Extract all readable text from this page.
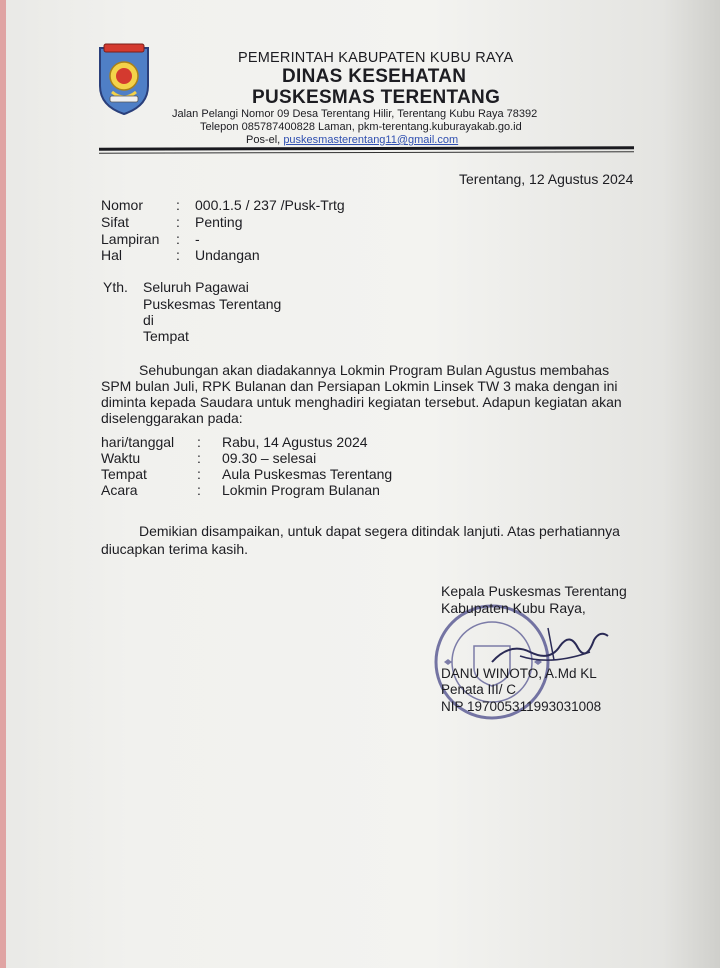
PEMERINTAH KABUPATEN KUBU RAYA
DINAS KESEHATAN
PUSKESMAS TERENTANG
Jalan Pelangi Nomor 09 Desa Terentang Hilir, Terentang Kubu Raya 78392
Telepon 085787400828 Laman, pkm-terentang.kuburayakab.go.id
Pos-el, puskesmasterentang11@gmail.com
Terentang, 12 Agustus 2024
Nomor : 000.1.5 / 237 /Pusk-Trtg
Sifat	: Penting
Lampiran : -
Hal	: Undangan
Yth. Seluruh Pagawai
Puskesmas Terentang
di
Tempat
Sehubungan akan diadakannya Lokmin Program Bulan Agustus membahas
SPM bulan Juli, RPK Bulanan dan Persiapan Lokmin Linsek TW 3 maka dengan ini
diminta kepada Saudara untuk menghadiri kegiatan tersebut. Adapun kegiatan akan
diselenggarakan pada:
hari/tanggal : Rabu, 14 Agustus 2024
Waktu	: 09.30 – selesai
Tempat	: Aula Puskesmas Terentang
Acara	: Lokmin Program Bulanan
Demikian disampaikan, untuk dapat segera ditindak lanjuti. Atas perhatiannya
diucapkan terima kasih.
Kepala Puskesmas Terentang
Kabupaten Kubu Raya,
DANU WINOTO, A.Md KL
Penata III/ C
NIP 197005311993031008
